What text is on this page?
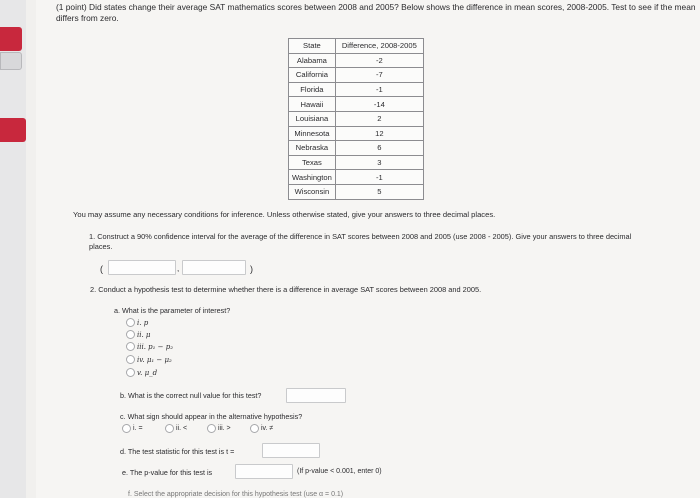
(1 point) Did states change their average SAT mathematics scores between 2008 and 2005? Below shows the difference in mean scores, 2008-2005. Test to see if the mean differs from zero.
State	Difference, 2008-2005
Alabama	-2
California	-7
Florida	-1
Hawaii	-14
Louisiana	2
Minnesota	12
Nebraska	6
Texas	3
Washington	-1
Wisconsin	5
You may assume any necessary conditions for inference. Unless otherwise stated, give your answers to three decimal places.
1. Construct a 90% confidence interval for the average of the difference in SAT scores between 2008 and 2005 (use 2008 - 2005). Give your answers to three decimal places.
(	,	)
2. Conduct a hypothesis test to determine whether there is a difference in average SAT scores between 2008 and 2005.
a. What is the parameter of interest?
i. p
ii. μ
iii. p₁ − p₂
iv. μ₁ − μ₂
v. μ_d
b. What is the correct null value for this test?
c. What sign should appear in the alternative hypothesis?
i. =	ii. <	iii. >	iv. ≠
d. The test statistic for this test is t =
e. The p-value for this test is	(If p-value < 0.001, enter 0)
f. Select the appropriate decision for this hypothesis test (use α = 0.1)
